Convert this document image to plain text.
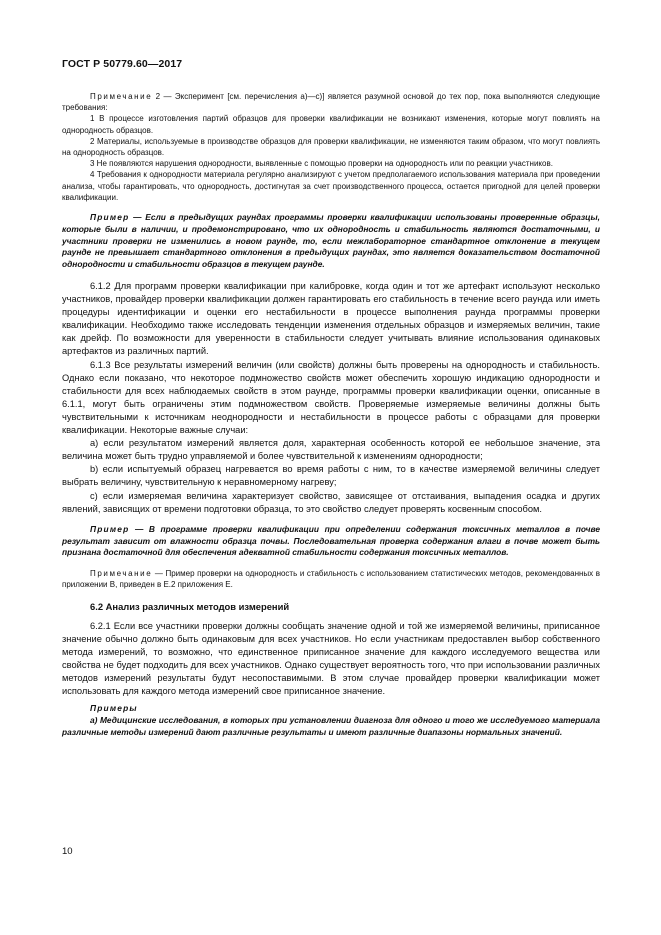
ГОСТ Р 50779.60—2017

Примечание 2 — Эксперимент [см. перечисления а)—с)] является разумной основой до тех пор, пока выполняются следующие требования:

1 В процессе изготовления партий образцов для проверки квалификации не возникают изменения, которые могут повлиять на однородность образцов.

2 Материалы, используемые в производстве образцов для проверки квалификации, не изменяются таким образом, что могут повлиять на однородность образцов.

3 Не появляются нарушения однородности, выявленные с помощью проверки на однородность или по реакции участников.

4 Требования к однородности материала регулярно анализируют с учетом предполагаемого использования материала при проведении анализа, чтобы гарантировать, что однородность, достигнутая за счет производственного процесса, остается пригодной для целей проверки квалификации.

Пример — Если в предыдущих раундах программы проверки квалификации использованы проверенные образцы, которые были в наличии, и продемонстрировано, что их однородность и стабильность являются достаточными, и участники проверки не изменились в новом раунде, то, если межлабораторное стандартное отклонение в текущем раунде не превышает стандартного отклонения в предыдущих раундах, это является доказательством достаточной однородности и стабильности образцов в текущем раунде.

6.1.2 Для программ проверки квалификации при калибровке, когда один и тот же артефакт используют несколько участников, провайдер проверки квалификации должен гарантировать его стабильность в течение всего раунда или иметь процедуры идентификации и оценки его нестабильности в процессе выполнения раунда программы проверки квалификации. Необходимо также исследовать тенденции изменения отдельных образцов и измеряемых величин, такие как дрейф. По возможности для уверенности в стабильности следует учитывать влияние использования одинаковых артефактов из различных партий.

6.1.3 Все результаты измерений величин (или свойств) должны быть проверены на однородность и стабильность. Однако если показано, что некоторое подмножество свойств может обеспечить хорошую индикацию однородности и стабильности для всех наблюдаемых свойств в этом раунде, программы проверки квалификации оценки, описанные в 6.1.1, могут быть ограничены этим подмножеством свойств. Проверяемые измеряемые величины должны быть чувствительными к источникам неоднородности и нестабильности в процессе работы с образцами для проверки квалификации. Некоторые важные случаи:

а) если результатом измерений является доля, характерная особенность которой ее небольшое значение, эта величина может быть трудно управляемой и более чувствительной к изменениям однородности;

b) если испытуемый образец нагревается во время работы с ним, то в качестве измеряемой величины следует выбрать величину, чувствительную к неравномерному нагреву;

с) если измеряемая величина характеризует свойство, зависящее от отстаивания, выпадения осадка и других явлений, зависящих от времени подготовки образца, то это свойство следует проверять косвенным способом.

Пример — В программе проверки квалификации при определении содержания токсичных металлов в почве результат зависит от влажности образца почвы. Последовательная проверка содержания влаги в почве может быть признана достаточной для обеспечения адекватной стабильности содержания токсичных металлов.

Примечание — Пример проверки на однородность и стабильность с использованием статистических методов, рекомендованных в приложении В, приведен в Е.2 приложения Е.

6.2 Анализ различных методов измерений

6.2.1 Если все участники проверки должны сообщать значение одной и той же измеряемой величины, приписанное значение обычно должно быть одинаковым для всех участников. Но если участникам предоставлен выбор собственного метода измерений, то возможно, что единственное приписанное значение для каждого исследуемого вещества или свойства не будет подходить для всех участников. Однако существует вероятность того, что при использовании различных методов измерений результаты будут несопоставимыми. В этом случае провайдер проверки квалификации может использовать для каждого метода измерений свое приписанное значение.

Примеры

а) Медицинские исследования, в которых при установлении диагноза для одного и того же исследуемого материала различные методы измерений дают различные результаты и имеют различные диапазоны нормальных значений.

10
